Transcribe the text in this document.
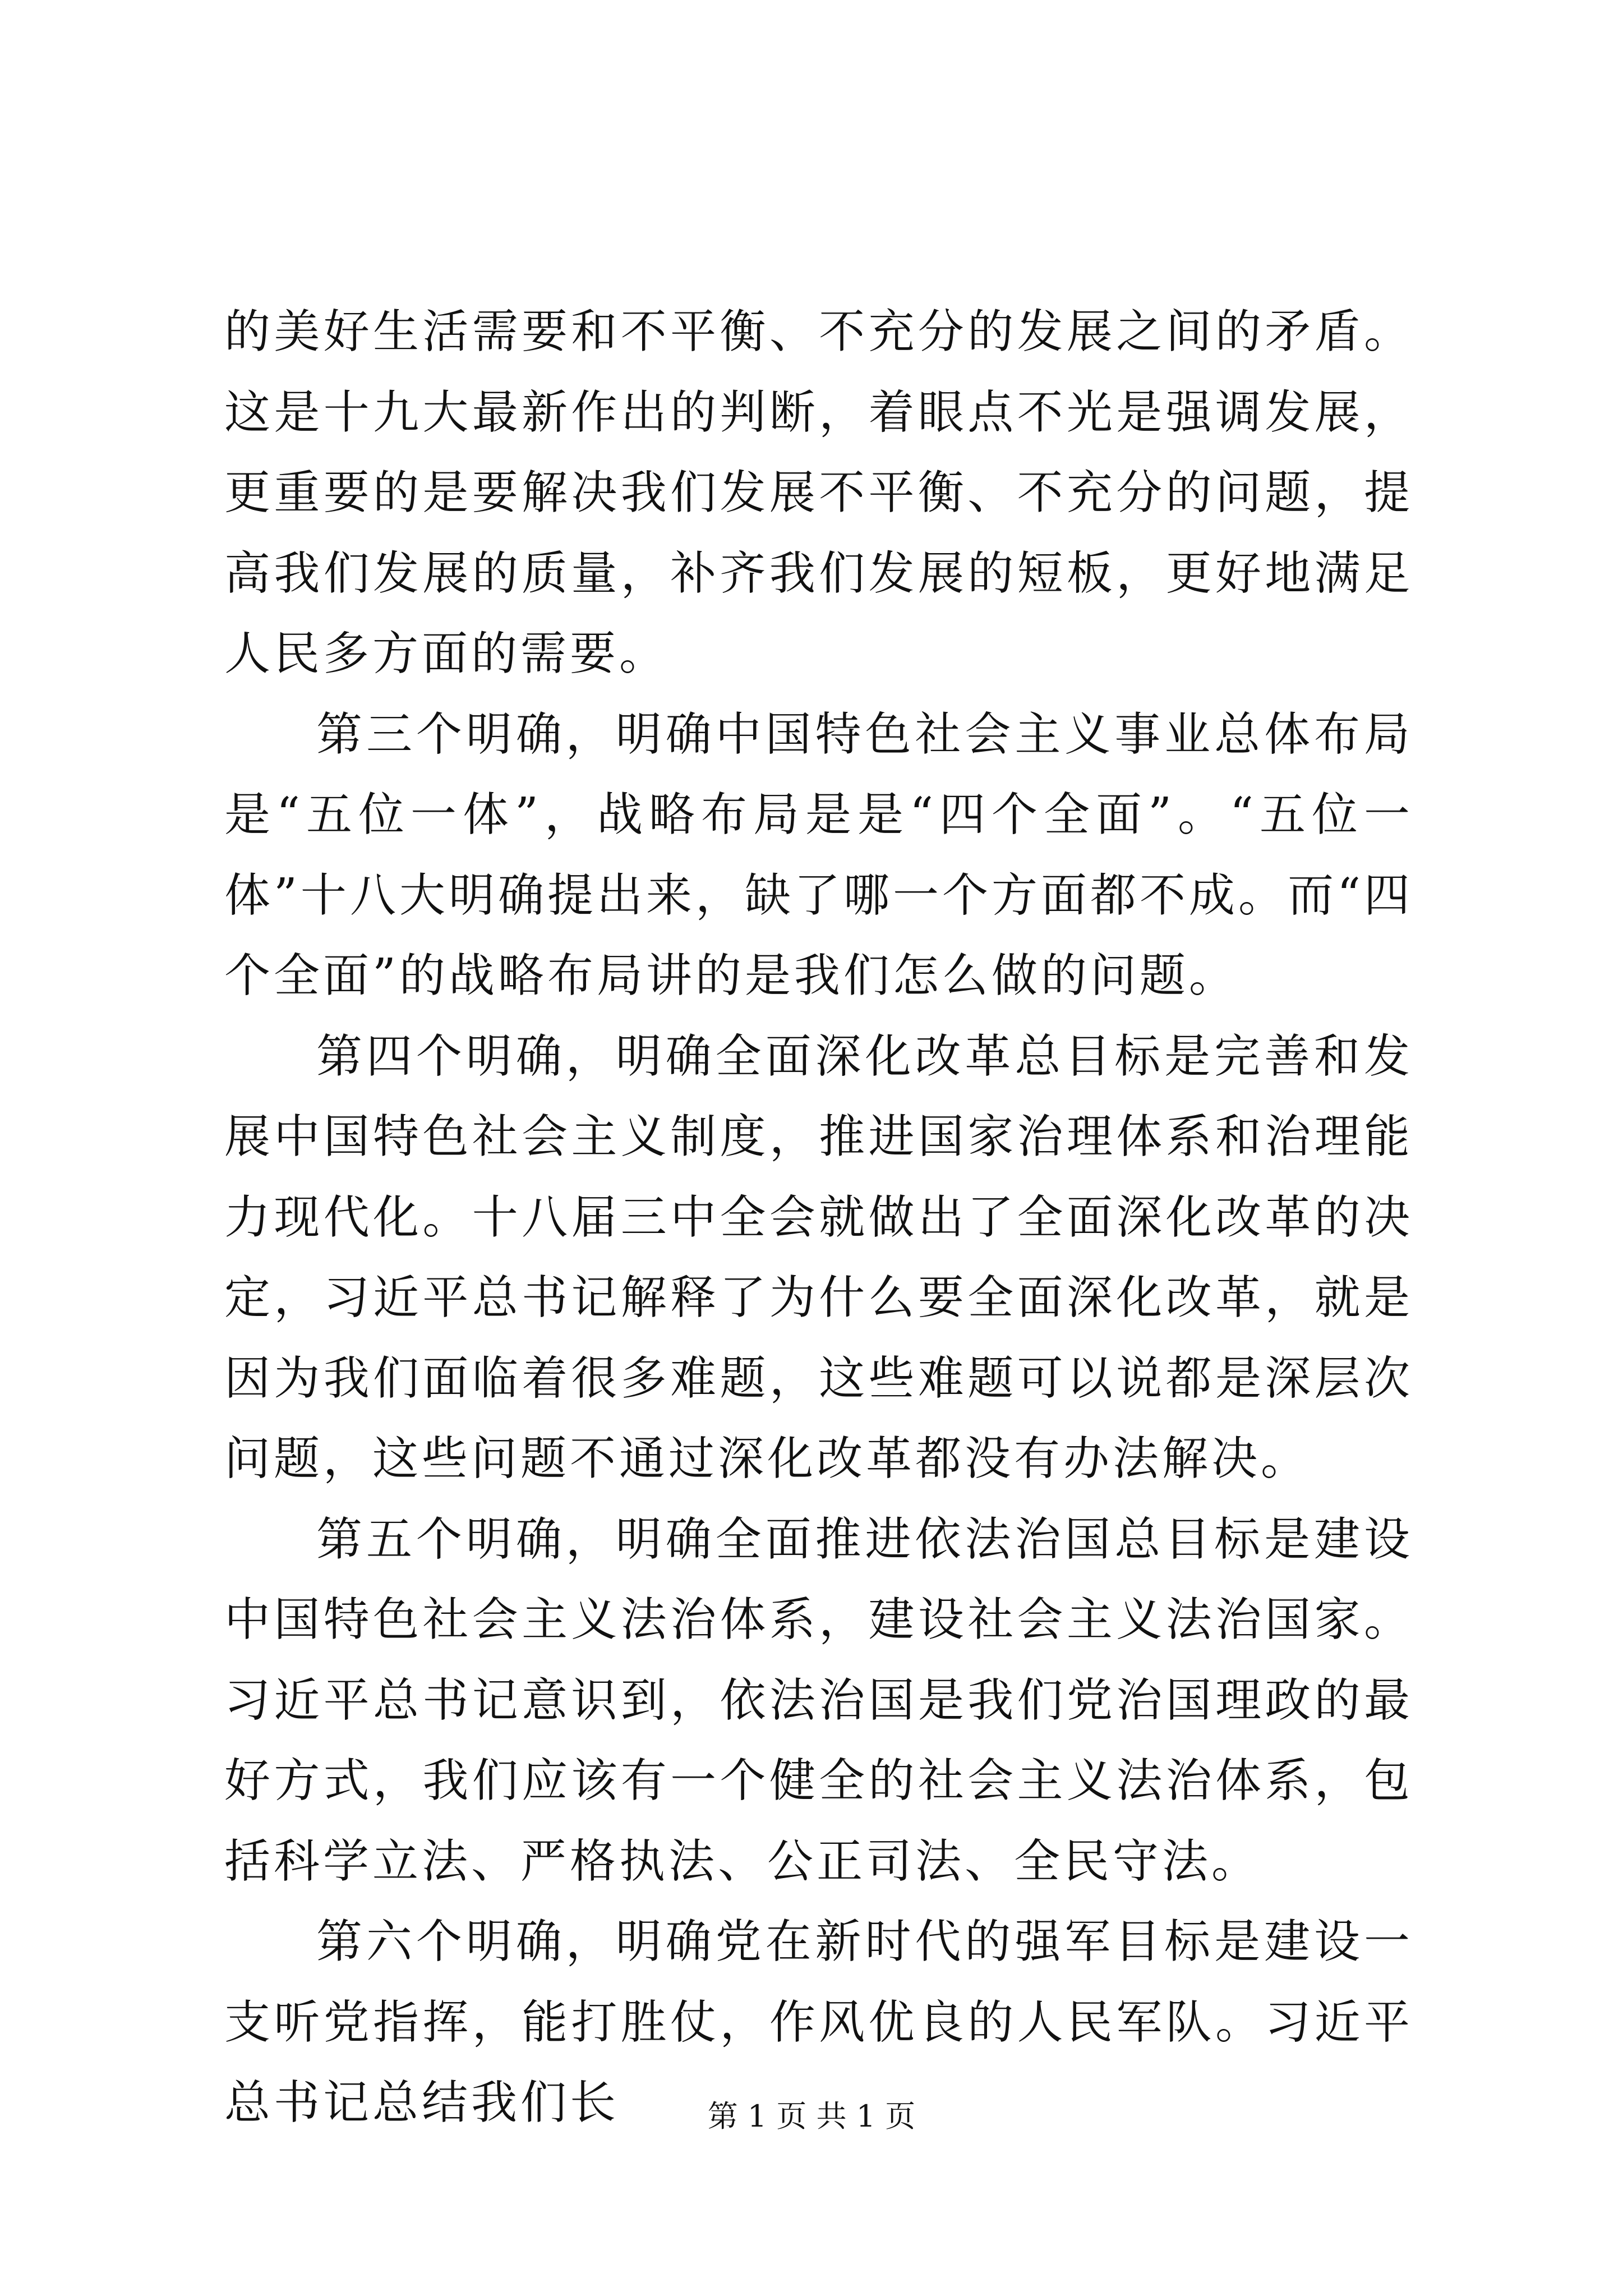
的美好生活需要和不平衡、不充分的发展之间的矛盾。这是十九大最新作出的判断，着眼点不光是强调发展，更重要的是要解决我们发展不平衡、不充分的问题，提高我们发展的质量，补齐我们发展的短板，更好地满足人民多方面的需要。

第三个明确，明确中国特色社会主义事业总体布局是“五位一体”，战略布局是是“四个全面”。“五位一体”十八大明确提出来，缺了哪一个方面都不成。而“四个全面”的战略布局讲的是我们怎么做的问题。

第四个明确，明确全面深化改革总目标是完善和发展中国特色社会主义制度，推进国家治理体系和治理能力现代化。十八届三中全会就做出了全面深化改革的决定，习近平总书记解释了为什么要全面深化改革，就是因为我们面临着很多难题，这些难题可以说都是深层次问题，这些问题不通过深化改革都没有办法解决。

第五个明确，明确全面推进依法治国总目标是建设中国特色社会主义法治体系，建设社会主义法治国家。习近平总书记意识到，依法治国是我们党治国理政的最好方式，我们应该有一个健全的社会主义法治体系，包括科学立法、严格执法、公正司法、全民守法。

第六个明确，明确党在新时代的强军目标是建设一支听党指挥，能打胜仗，作风优良的人民军队。习近平总书记总结我们长	第 1 页 共 1 页
